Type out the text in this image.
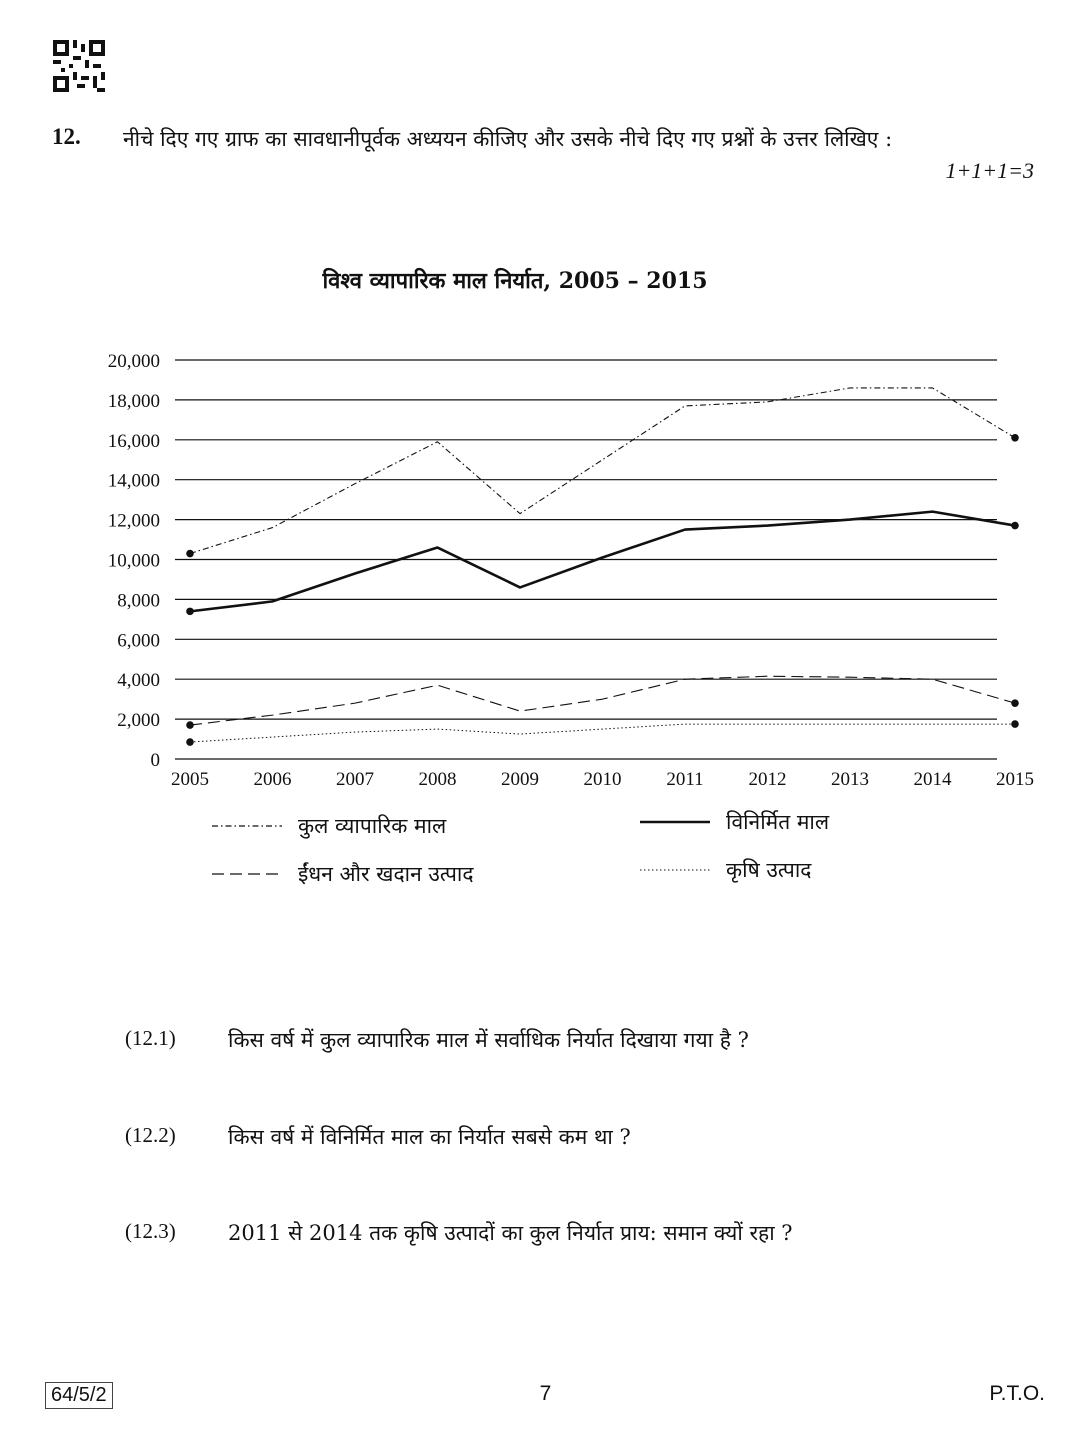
12. नीचे दिए गए ग्राफ का सावधानीपूर्वक अध्ययन कीजिए और उसके नीचे दिए गए प्रश्नों के उत्तर लिखिए :
1+1+1=3
विश्व व्यापारिक माल निर्यात, 2005 – 2015
0
2,000
4,000
6,000
8,000
10,000
12,000
14,000
16,000
18,000
20,000
2005 2006 2007 2008 2009 2010 2011 2012 2013 2014 2015
कुल व्यापारिक माल	विनिर्मित माल
ईंधन और खदान उत्पाद	कृषि उत्पाद
(12.1)	किस वर्ष में कुल व्यापारिक माल में सर्वाधिक निर्यात दिखाया गया है ?
(12.2)	किस वर्ष में विनिर्मित माल का निर्यात सबसे कम था ?
(12.3)	2011 से 2014 तक कृषि उत्पादों का कुल निर्यात प्राय: समान क्यों रहा ?
64/5/2	7	P.T.O.
